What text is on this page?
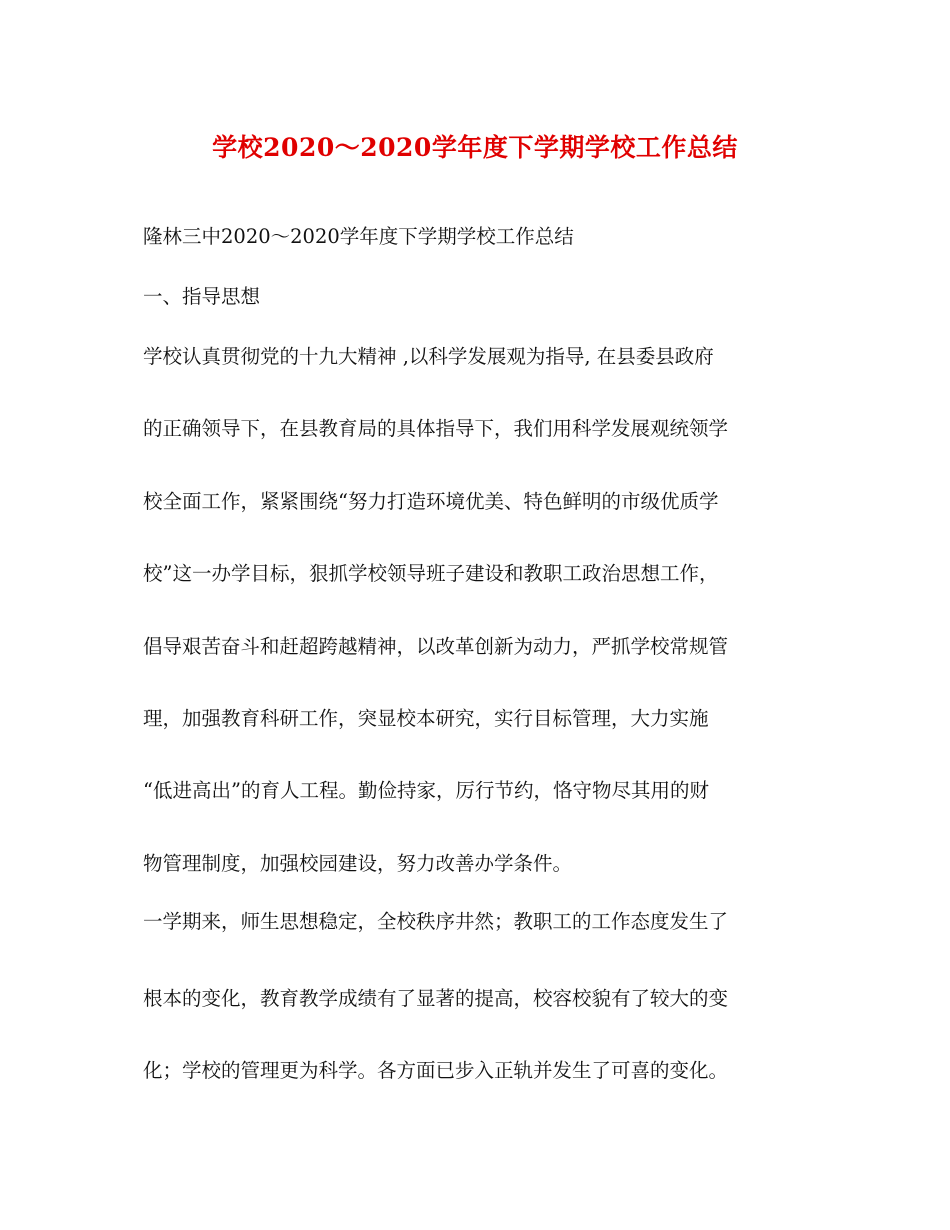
学校2020～2020学年度下学期学校工作总结

隆林三中2020～2020学年度下学期学校工作总结

一、指导思想

学校认真贯彻党的十九大精神 ,以科学发展观为指导, 在县委县政府

的正确领导下，在县教育局的具体指导下，我们用科学发展观统领学

校全面工作，紧紧围绕“努力打造环境优美、特色鲜明的市级优质学

校”这一办学目标，狠抓学校领导班子建设和教职工政治思想工作，

倡导艰苦奋斗和赶超跨越精神，以改革创新为动力，严抓学校常规管

理，加强教育科研工作，突显校本研究，实行目标管理，大力实施

“低进高出”的育人工程。勤俭持家，厉行节约，恪守物尽其用的财

物管理制度，加强校园建设，努力改善办学条件。

一学期来，师生思想稳定，全校秩序井然；教职工的工作态度发生了

根本的变化，教育教学成绩有了显著的提高，校容校貌有了较大的变

化；学校的管理更为科学。各方面已步入正轨并发生了可喜的变化。
